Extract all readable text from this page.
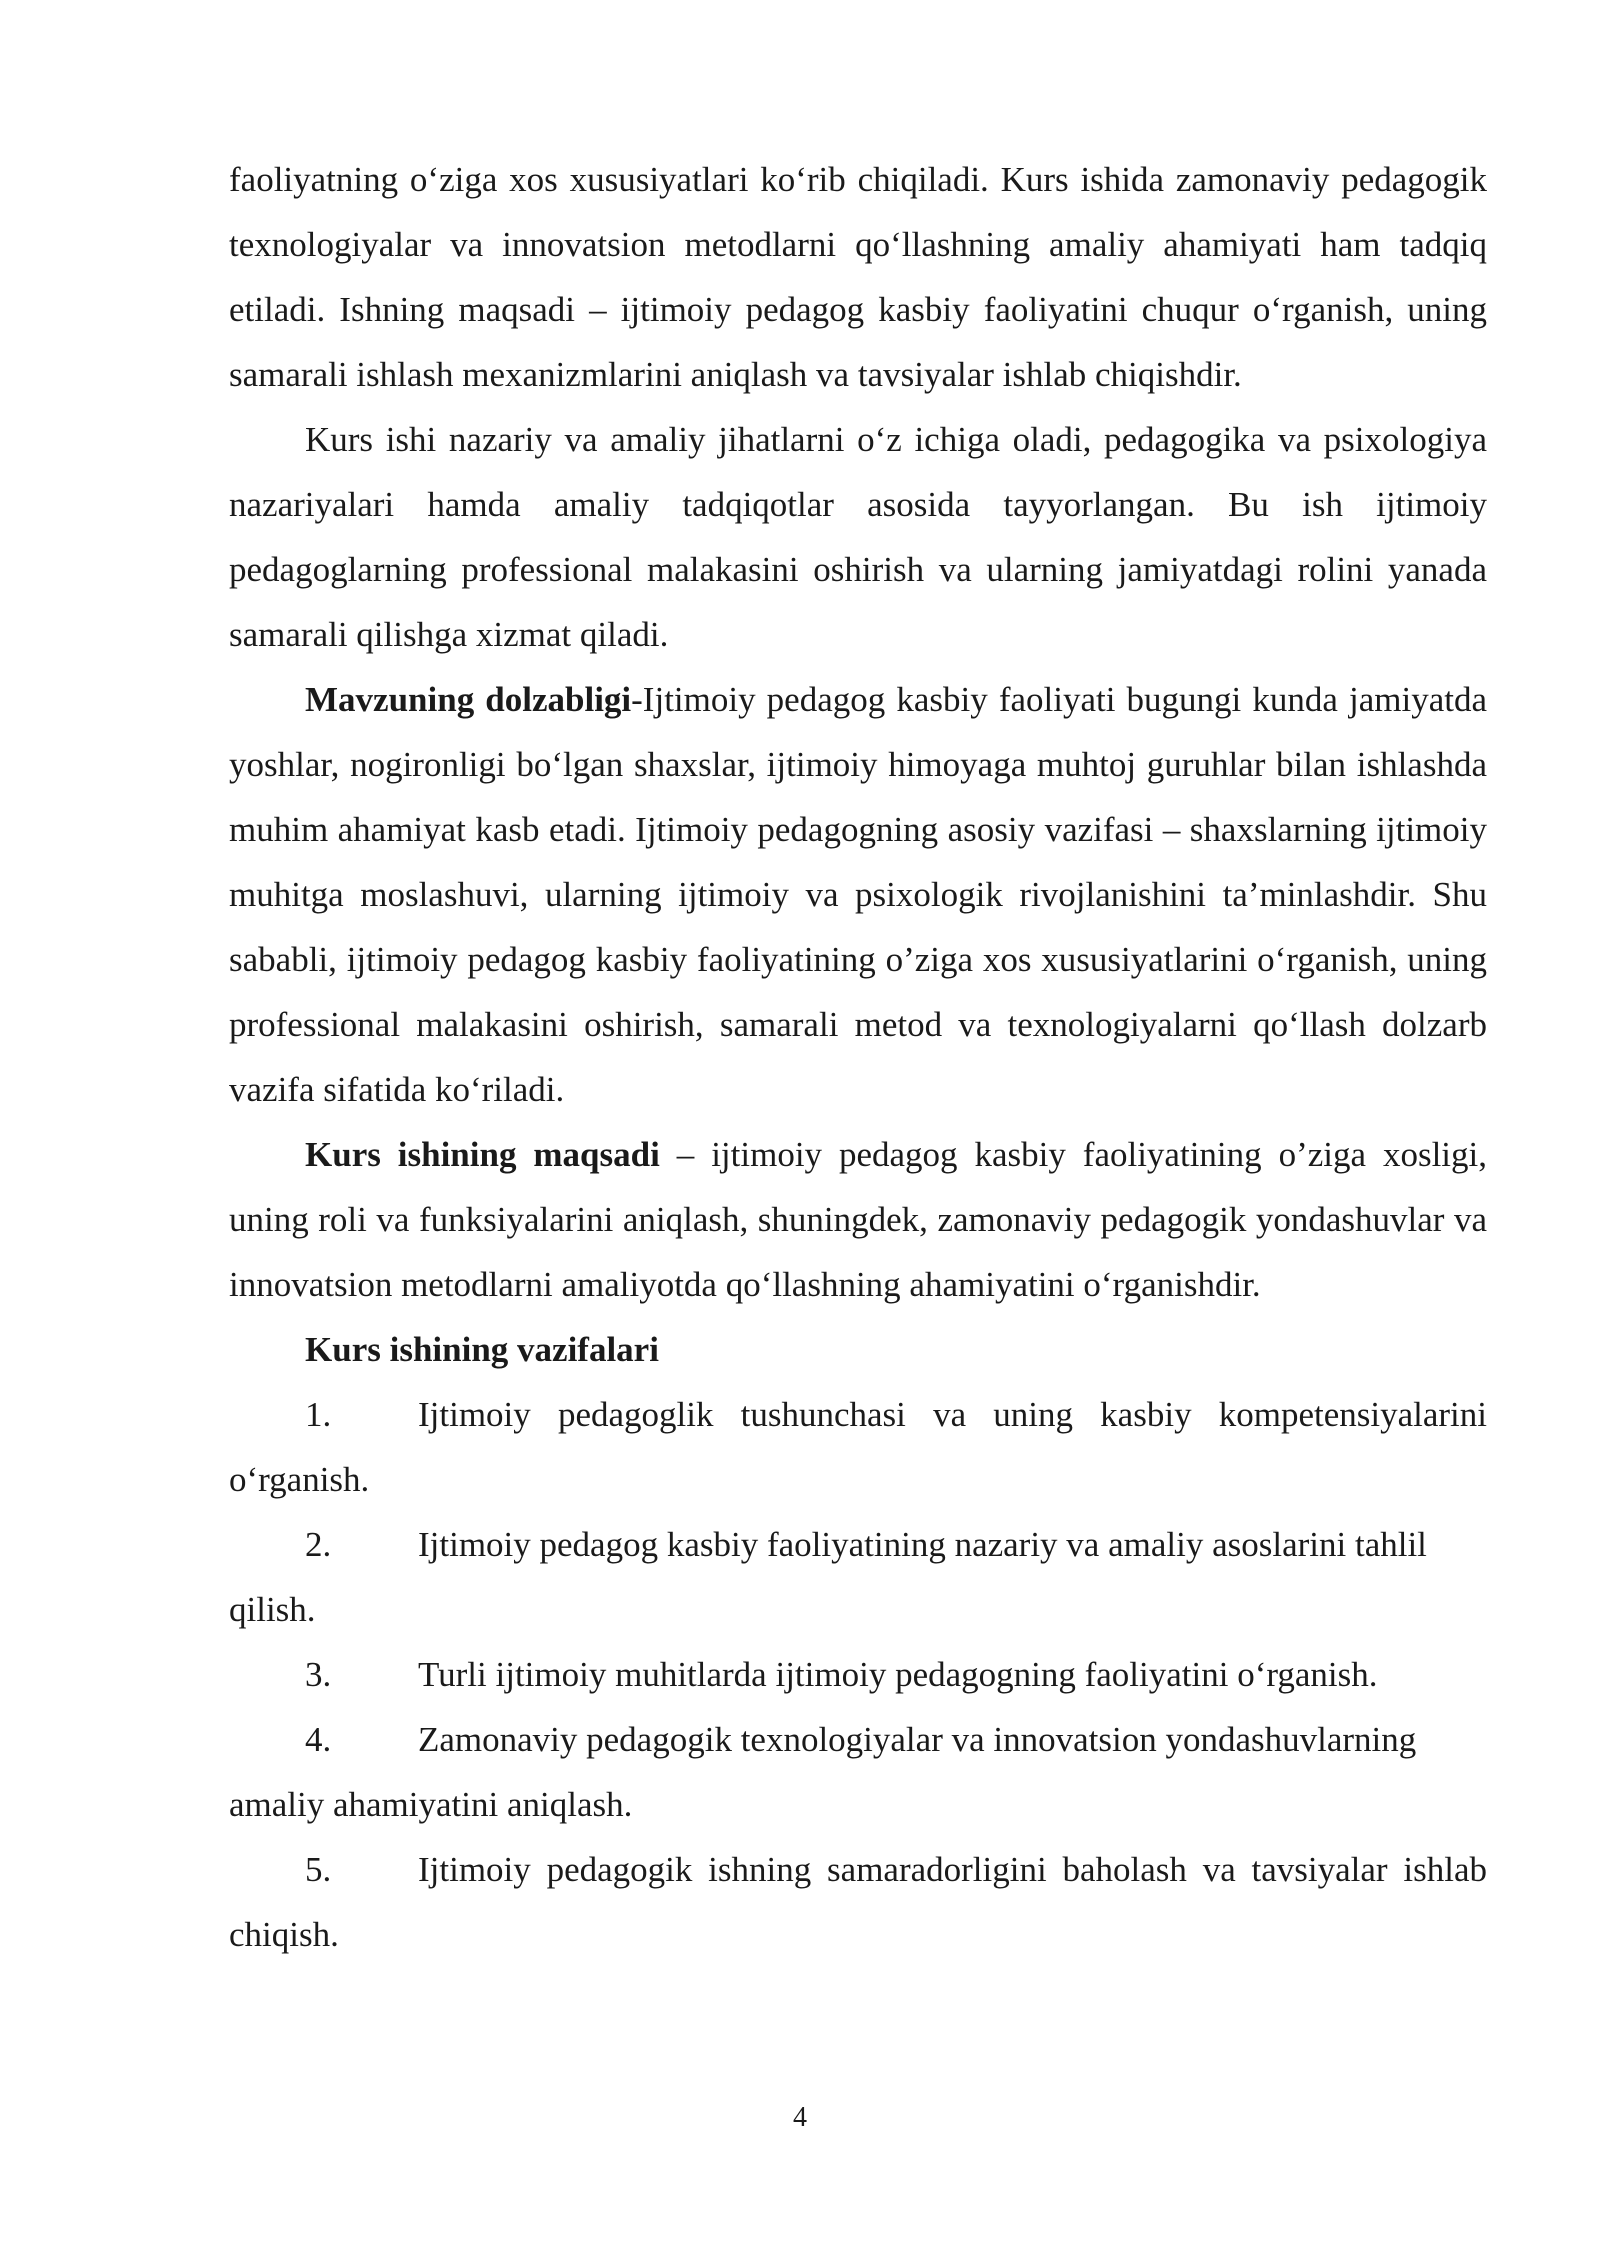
faoliyatning o‘ziga xos xususiyatlari ko‘rib chiqiladi. Kurs ishida zamonaviy pedagogik texnologiyalar va innovatsion metodlarni qo‘llashning amaliy ahamiyati ham tadqiq etiladi. Ishning maqsadi – ijtimoiy pedagog kasbiy faoliyatini chuqur o‘rganish, uning samarali ishlash mexanizmlarini aniqlash va tavsiyalar ishlab chiqishdir.

Kurs ishi nazariy va amaliy jihatlarni o‘z ichiga oladi, pedagogika va psixologiya nazariyalari hamda amaliy tadqiqotlar asosida tayyorlangan. Bu ish ijtimoiy pedagoglarning professional malakasini oshirish va ularning jamiyatdagi rolini yanada samarali qilishga xizmat qiladi.

Mavzuning dolzabligi-Ijtimoiy pedagog kasbiy faoliyati bugungi kunda jamiyatda yoshlar, nogironligi bo‘lgan shaxslar, ijtimoiy himoyaga muhtoj guruhlar bilan ishlashda muhim ahamiyat kasb etadi. Ijtimoiy pedagogning asosiy vazifasi – shaxslarning ijtimoiy muhitga moslashuvi, ularning ijtimoiy va psixologik rivojlanishini ta’minlashdir. Shu sababli, ijtimoiy pedagog kasbiy faoliyatining o’ziga xos xususiyatlarini o‘rganish, uning professional malakasini oshirish, samarali metod va texnologiyalarni qo‘llash dolzarb vazifa sifatida ko‘riladi.

Kurs ishining maqsadi – ijtimoiy pedagog kasbiy faoliyatining o’ziga xosligi, uning roli va funksiyalarini aniqlash, shuningdek, zamonaviy pedagogik yondashuvlar va innovatsion metodlarni amaliyotda qo‘llashning ahamiyatini o‘rganishdir.

Kurs ishining vazifalari

1. Ijtimoiy pedagoglik tushunchasi va uning kasbiy kompetensiyalarini o‘rganish.

2. Ijtimoiy pedagog kasbiy faoliyatining nazariy va amaliy asoslarini tahlil qilish.

3. Turli ijtimoiy muhitlarda ijtimoiy pedagogning faoliyatini o‘rganish.

4. Zamonaviy pedagogik texnologiyalar va innovatsion yondashuvlarning amaliy ahamiyatini aniqlash.

5. Ijtimoiy pedagogik ishning samaradorligini baholash va tavsiyalar ishlab chiqish.

4
